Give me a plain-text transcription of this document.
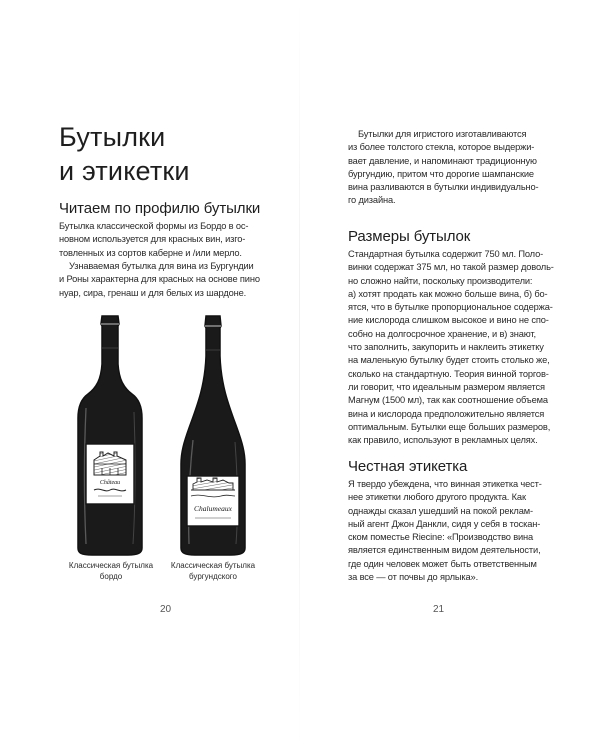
Бутылки
и этикетки
Читаем по профилю бутылки

Бутылка классической формы из Бордо в ос-
новном используется для красных вин, изго-
товленных из сортов каберне и /или мерло.

Узнаваемая бутылка для вина из Бургундии
и Роны характерна для красных на основе пино
нуар, сира, гренаш и для белых из шардоне.

Château
Chalumeaux

Классическая бутылка
бордо

Классическая бутылка
бургундского

20

Бутылки для игристого изготавливаются
из более толстого стекла, которое выдержи-
вает давление, и напоминают традиционную
бургундию, притом что дорогие шампанские
вина разливаются в бутылки индивидуально-
го дизайна.

Размеры бутылок

Стандартная бутылка содержит 750 мл. Поло-
винки содержат 375 мл, но такой размер доволь-
но сложно найти, поскольку производители:
а) хотят продать как можно больше вина, б) бо-
ятся, что в бутылке пропорциональное содержа-
ние кислорода слишком высокое и вино не спо-
собно на долгосрочное хранение, и в) знают,
что заполнить, закупорить и наклеить этикетку
на маленькую бутылку будет стоить столько же,
сколько на стандартную. Теория винной торгов-
ли говорит, что идеальным размером является
Магнум (1500 мл), так как соотношение объема
вина и кислорода предположительно является
оптимальным. Бутылки еще больших размеров,
как правило, используют в рекламных целях.

Честная этикетка

Я твердо убеждена, что винная этикетка чест-
нее этикетки любого другого продукта. Как
однажды сказал ушедший на покой реклам-
ный агент Джон Данкли, сидя у себя в тоскан-
ском поместье Riecine: «Производство вина
является единственным видом деятельности,
где один человек может быть ответственным
за все — от почвы до ярлыка».

21
